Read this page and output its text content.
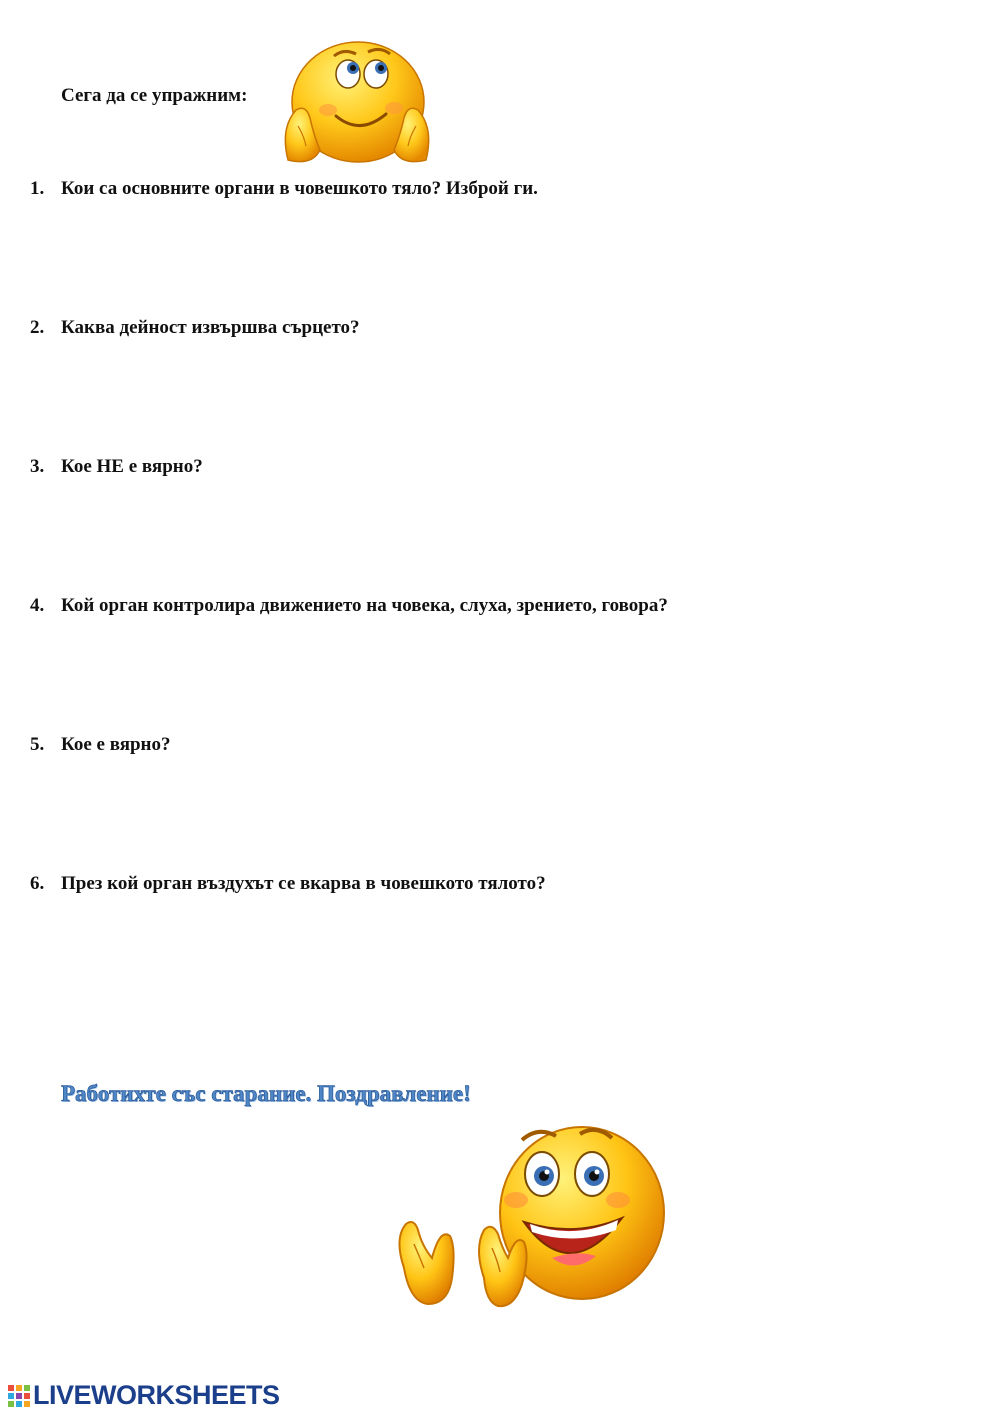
Сега да се упражним:
1. Кои са основните органи в човешкото тяло? Изброй ги.
2. Каква дейност извършва сърцето?
3. Кое НЕ е вярно?
4. Кой орган контролира движението на човека, слуха, зрението, говора?
5. Кое е вярно?
6. През кой орган въздухът се вкарва в човешкото тялото?
Работихте със старание. Поздравление!
LIVEWORKSHEETS
